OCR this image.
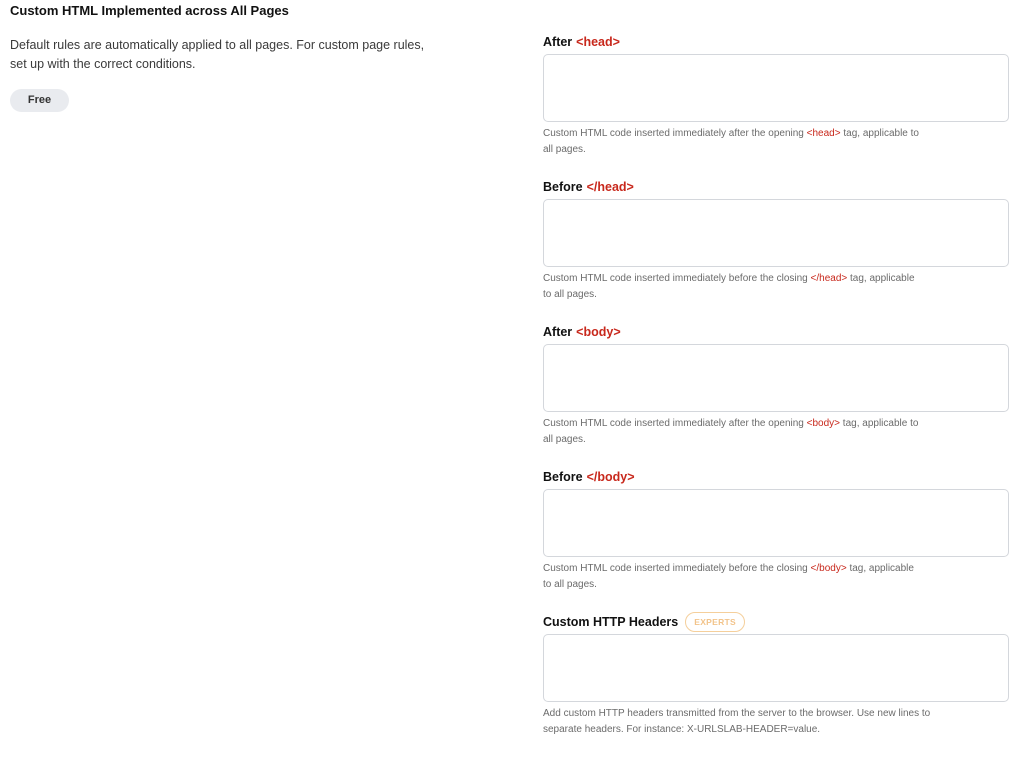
Custom HTML Implemented across All Pages
Default rules are automatically applied to all pages. For custom page rules, set up with the correct conditions.
Free
After <head>
Custom HTML code inserted immediately after the opening <head> tag, applicable to all pages.
Before </head>
Custom HTML code inserted immediately before the closing </head> tag, applicable to all pages.
After <body>
Custom HTML code inserted immediately after the opening <body> tag, applicable to all pages.
Before </body>
Custom HTML code inserted immediately before the closing </body> tag, applicable to all pages.
Custom HTTP Headers	EXPERTS
Add custom HTTP headers transmitted from the server to the browser. Use new lines to separate headers. For instance: X-URLSLAB-HEADER=value.
